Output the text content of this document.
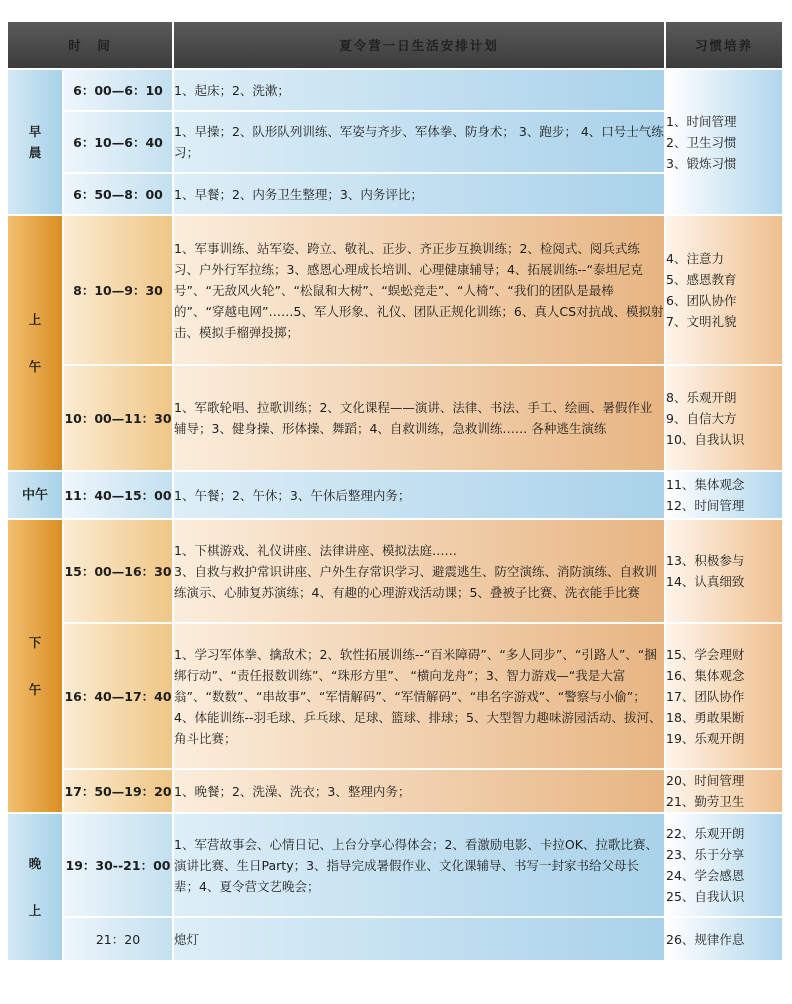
时　间		夏令营一日生活安排计划	习惯培养

早
晨	6：00—6：10	1、起床；2、洗漱；	1、时间管理
2、卫生习惯
3、锻炼习惯

	6：10—6：40	1、早操；2、队形队列训练、军姿与齐步、军体拳、防身术； 3、跑步； 4、口号士气练习；	
	6：50—8：00	1、早餐；2、内务卫生整理；3、内务评比；	

上
午	8：10—9：30	1、军事训练、站军姿、跨立、敬礼、正步、齐正步互换训练；2、检阅式、阅兵式练习、户外行军拉练；3、感恩心理成长培训、心理健康辅导；4、拓展训练--“泰坦尼克号”、“无敌风火轮”、“松鼠和大树”、“蜈蚣竞走”、“人椅”、“我们的团队是最棒的”、“穿越电网”……5、军人形象、礼仪、团队正规化训练；6、真人CS对抗战、模拟射击、模拟手榴弹投掷；	4、注意力
5、感恩教育
6、团队协作
7、文明礼貌

	10：00—11：30	1、军歌轮唱、拉歌训练；2、文化课程——演讲、法律、书法、手工、绘画、暑假作业辅导；3、健身操、形体操、舞蹈；4、自救训练，急救训练…… 各种逃生演练	8、乐观开朗
9、自信大方
10、自我认识

中午	11：40—15：00	1、午餐；2、午休；3、午休后整理内务；	11、集体观念
12、时间管理

下
午	15：00—16：30	1、下棋游戏、礼仪讲座、法律讲座、模拟法庭……
3、自救与救护常识讲座、户外生存常识学习、避震逃生、防空演练、消防演练、自救训练演示、心肺复苏演练；4、有趣的心理游戏活动课；5、叠被子比赛、洗衣能手比赛	13、积极参与
14、认真细致

	16：40—17：40	1、学习军体拳、擒敌术；2、软性拓展训练--“百米障碍”、“多人同步”、“引路人”、“捆绑行动”、“责任报数训练”、“珠形方里”、 “横向龙舟”；3、智力游戏—“我是大富翁”、“数数”、“串故事”、“军情解码”、“军情解码”、“串名字游戏”、“警察与小偷”；4、体能训练--羽毛球、乒乓球、足球、篮球、排球；5、大型智力趣味游园活动、拔河、角斗比赛；	15、学会理财
16、集体观念
17、团队协作
18、勇敢果断
19、乐观开朗

	17：50—19：20	1、晚餐；2、洗澡、洗衣；3、整理内务；	20、时间管理
21、勤劳卫生

晚
上	19：30--21：00	1、军营故事会、心情日记、上台分享心得体会；2、看激励电影、卡拉OK、拉歌比赛、演讲比赛、生日Party；3、指导完成暑假作业、文化课辅导、书写一封家书给父母长辈；4、夏令营文艺晚会；	22、乐观开朗
23、乐于分享
24、学会感恩
25、自我认识

	21：20	熄灯	26、规律作息
